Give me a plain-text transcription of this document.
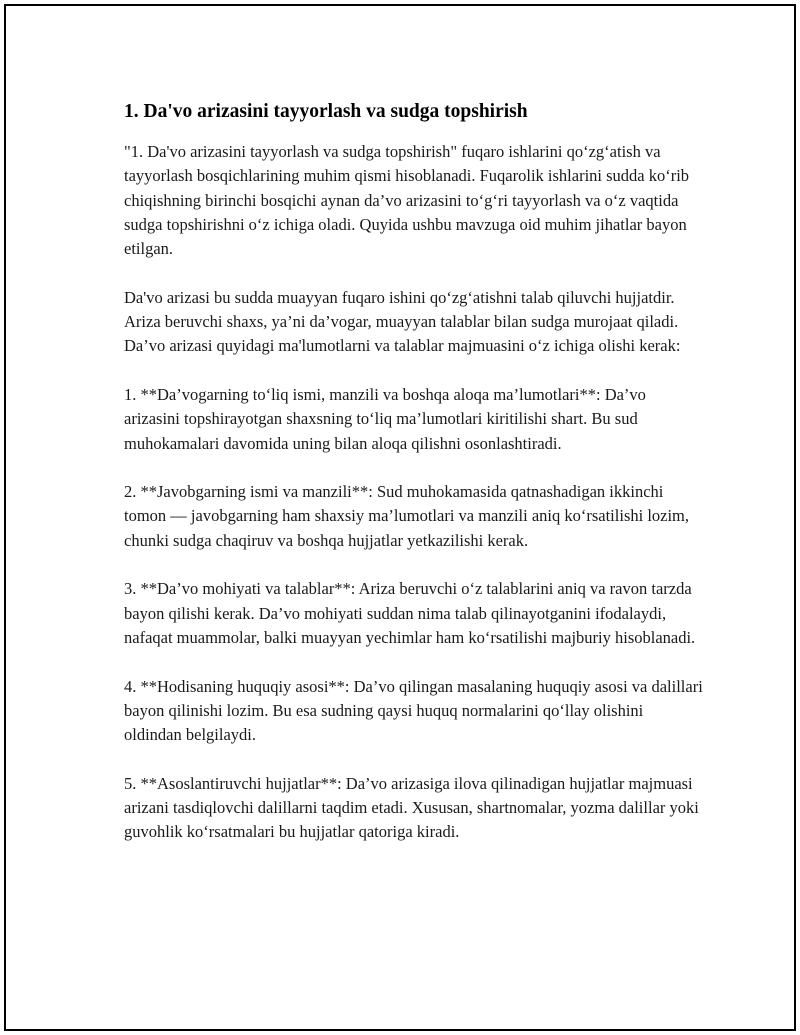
1. Da'vo arizasini tayyorlash va sudga topshirish

"1. Da'vo arizasini tayyorlash va sudga topshirish" fuqaro ishlarini qo‘zg‘atish va tayyorlash bosqichlarining muhim qismi hisoblanadi. Fuqarolik ishlarini sudda ko‘rib chiqishning birinchi bosqichi aynan da’vo arizasini to‘g‘ri tayyorlash va o‘z vaqtida sudga topshirishni o‘z ichiga oladi. Quyida ushbu mavzuga oid muhim jihatlar bayon etilgan.

Da'vo arizasi bu sudda muayyan fuqaro ishini qo‘zg‘atishni talab qiluvchi hujjatdir. Ariza beruvchi shaxs, ya’ni da’vogar, muayyan talablar bilan sudga murojaat qiladi. Da’vo arizasi quyidagi ma'lumotlarni va talablar majmuasini o‘z ichiga olishi kerak:

1. **Da’vogarning to‘liq ismi, manzili va boshqa aloqa ma’lumotlari**: Da’vo arizasini topshirayotgan shaxsning to‘liq ma’lumotlari kiritilishi shart. Bu sud muhokamalari davomida uning bilan aloqa qilishni osonlashtiradi.

2. **Javobgarning ismi va manzili**: Sud muhokamasida qatnashadigan ikkinchi tomon — javobgarning ham shaxsiy ma’lumotlari va manzili aniq ko‘rsatilishi lozim, chunki sudga chaqiruv va boshqa hujjatlar yetkazilishi kerak.

3. **Da’vo mohiyati va talablar**: Ariza beruvchi o‘z talablarini aniq va ravon tarzda bayon qilishi kerak. Da’vo mohiyati suddan nima talab qilinayotganini ifodalaydi, nafaqat muammolar, balki muayyan yechimlar ham ko‘rsatilishi majburiy hisoblanadi.

4. **Hodisaning huquqiy asosi**: Da’vo qilingan masalaning huquqiy asosi va dalillari bayon qilinishi lozim. Bu esa sudning qaysi huquq normalarini qo‘llay olishini oldindan belgilaydi.

5. **Asoslantiruvchi hujjatlar**: Da’vo arizasiga ilova qilinadigan hujjatlar majmuasi arizani tasdiqlovchi dalillarni taqdim etadi. Xususan, shartnomalar, yozma dalillar yoki guvohlik ko‘rsatmalari bu hujjatlar qatoriga kiradi.
